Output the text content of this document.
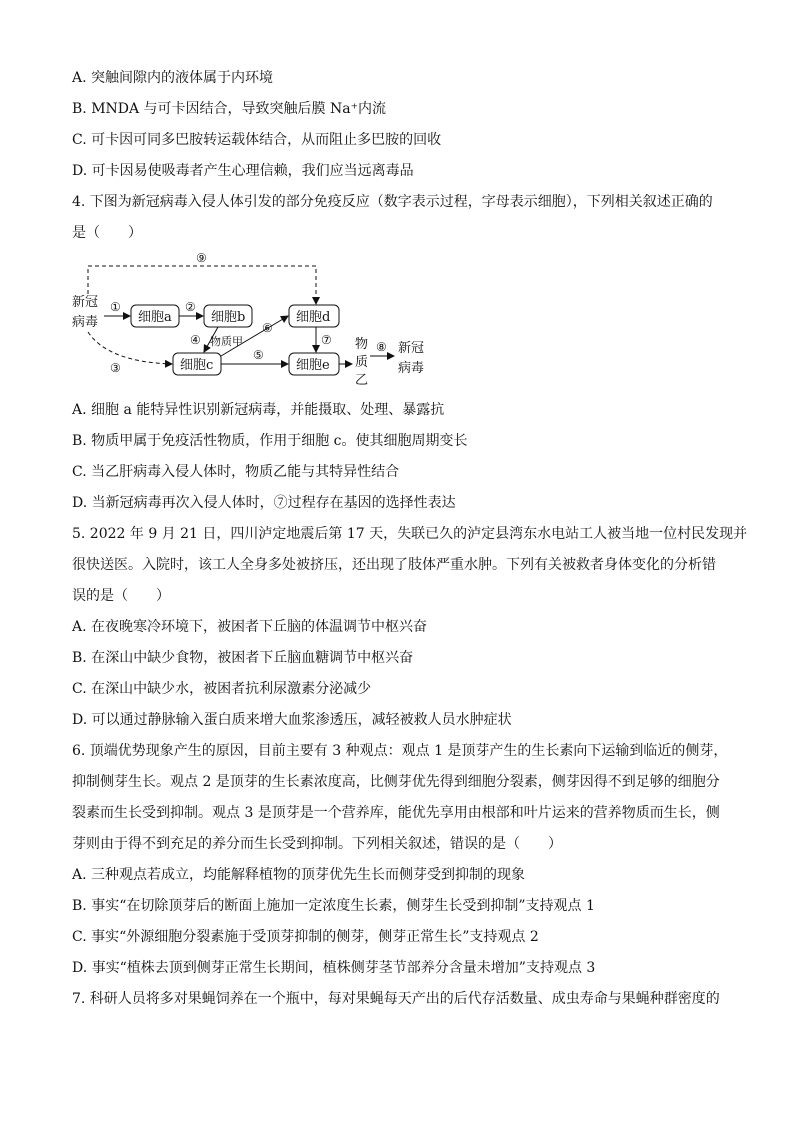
A. 突触间隙内的液体属于内环境
B. MNDA 与可卡因结合，导致突触后膜 Na⁺内流
C. 可卡因可同多巴胺转运载体结合，从而阻止多巴胺的回收
D. 可卡因易使吸毒者产生心理信赖，我们应当远离毒品
4. 下图为新冠病毒入侵人体引发的部分免疫反应（数字表示过程，字母表示细胞），下列相关叙述正确的
是（　　）
⑨
新冠
病毒
①
细胞a
②
细胞b
④ 物质甲
③	细胞c
⑥
⑤
细胞d
⑦
细胞e
物
质
乙
⑧ 新冠
病毒
A. 细胞 a 能特异性识别新冠病毒，并能摄取、处理、暴露抗
B. 物质甲属于免疫活性物质，作用于细胞 c。使其细胞周期变长
C. 当乙肝病毒入侵人体时，物质乙能与其特异性结合
D. 当新冠病毒再次入侵人体时，⑦过程存在基因的选择性表达
5. 2022 年 9 月 21 日，四川泸定地震后第 17 天，失联已久的泸定县湾东水电站工人被当地一位村民发现并
很快送医。入院时，该工人全身多处被挤压，还出现了肢体严重水肿。下列有关被救者身体变化的分析错
误的是（　　）
A. 在夜晚寒冷环境下，被困者下丘脑的体温调节中枢兴奋
B. 在深山中缺少食物，被困者下丘脑血糖调节中枢兴奋
C. 在深山中缺少水，被困者抗利尿激素分泌减少
D. 可以通过静脉输入蛋白质来增大血浆渗透压，减轻被救人员水肿症状
6. 顶端优势现象产生的原因，目前主要有 3 种观点：观点 1 是顶芽产生的生长素向下运输到临近的侧芽，
抑制侧芽生长。观点 2 是顶芽的生长素浓度高，比侧芽优先得到细胞分裂素，侧芽因得不到足够的细胞分
裂素而生长受到抑制。观点 3 是顶芽是一个营养库，能优先享用由根部和叶片运来的营养物质而生长，侧
芽则由于得不到充足的养分而生长受到抑制。下列相关叙述，错误的是（　　）
A. 三种观点若成立，均能解释植物的顶芽优先生长而侧芽受到抑制的现象
B. 事实“在切除顶芽后的断面上施加一定浓度生长素，侧芽生长受到抑制”支持观点 1
C. 事实“外源细胞分裂素施于受顶芽抑制的侧芽，侧芽正常生长”支持观点 2
D. 事实“植株去顶到侧芽正常生长期间，植株侧芽茎节部养分含量未增加”支持观点 3
7. 科研人员将多对果蝇饲养在一个瓶中，每对果蝇每天产出的后代存活数量、成虫寿命与果蝇种群密度的
